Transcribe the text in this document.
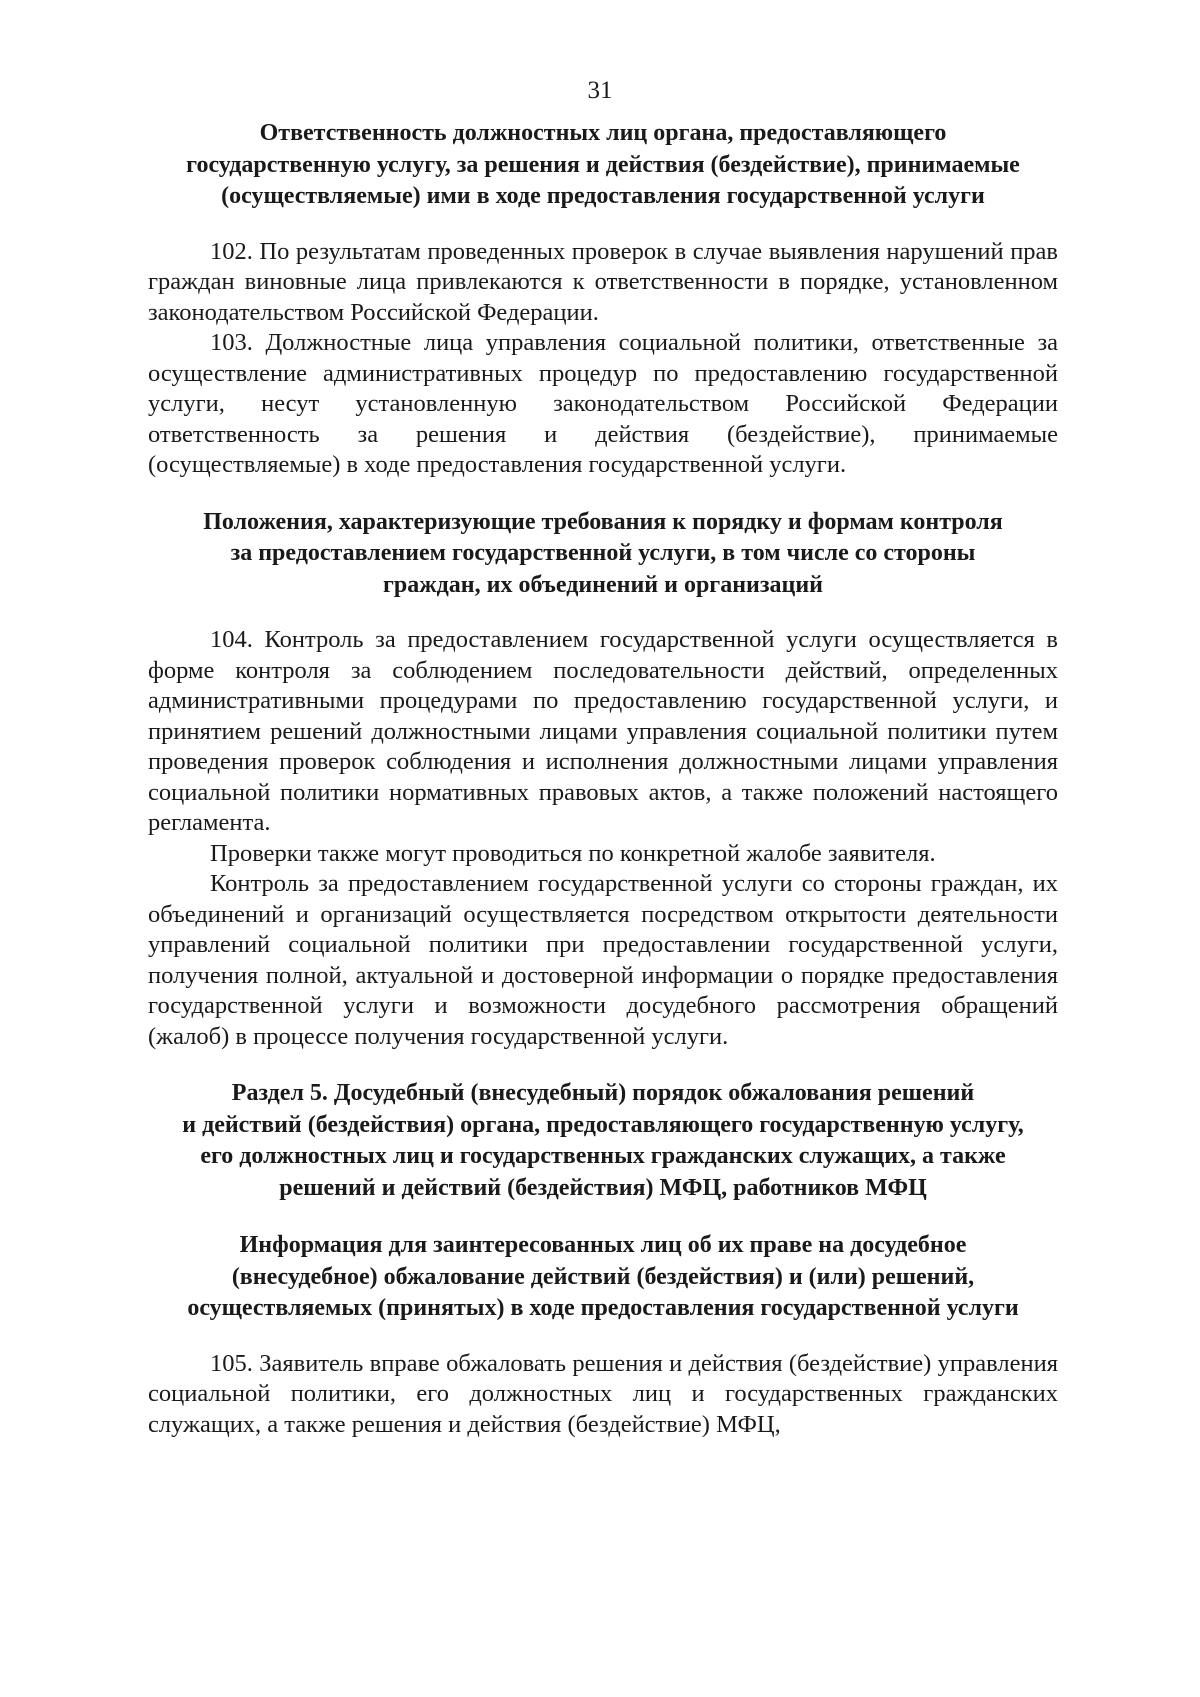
31
Ответственность должностных лиц органа, предоставляющего
государственную услугу, за решения и действия (бездействие), принимаемые
(осуществляемые) ими в ходе предоставления государственной услуги

102. По результатам проведенных проверок в случае выявления нарушений прав граждан виновные лица привлекаются к ответственности в порядке, установленном законодательством Российской Федерации.

103. Должностные лица управления социальной политики, ответственные за осуществление административных процедур по предоставлению государственной услуги, несут установленную законодательством Российской Федерации ответственность за решения и действия (бездействие), принимаемые (осуществляемые) в ходе предоставления государственной услуги.

Положения, характеризующие требования к порядку и формам контроля
за предоставлением государственной услуги, в том числе со стороны
граждан, их объединений и организаций

104. Контроль за предоставлением государственной услуги осуществляется в форме контроля за соблюдением последовательности действий, определенных административными процедурами по предоставлению государственной услуги, и принятием решений должностными лицами управления социальной политики путем проведения проверок соблюдения и исполнения должностными лицами управления социальной политики нормативных правовых актов, а также положений настоящего регламента.

Проверки также могут проводиться по конкретной жалобе заявителя.

Контроль за предоставлением государственной услуги со стороны граждан, их объединений и организаций осуществляется посредством открытости деятельности управлений социальной политики при предоставлении государственной услуги, получения полной, актуальной и достоверной информации о порядке предоставления государственной услуги и возможности досудебного рассмотрения обращений (жалоб) в процессе получения государственной услуги.

Раздел 5. Досудебный (внесудебный) порядок обжалования решений
и действий (бездействия) органа, предоставляющего государственную услугу,
его должностных лиц и государственных гражданских служащих, а также
решений и действий (бездействия) МФЦ, работников МФЦ
Информация для заинтересованных лиц об их праве на досудебное
(внесудебное) обжалование действий (бездействия) и (или) решений,
осуществляемых (принятых) в ходе предоставления государственной услуги

105. Заявитель вправе обжаловать решения и действия (бездействие) управления социальной политики, его должностных лиц и государственных гражданских служащих, а также решения и действия (бездействие) МФЦ,
